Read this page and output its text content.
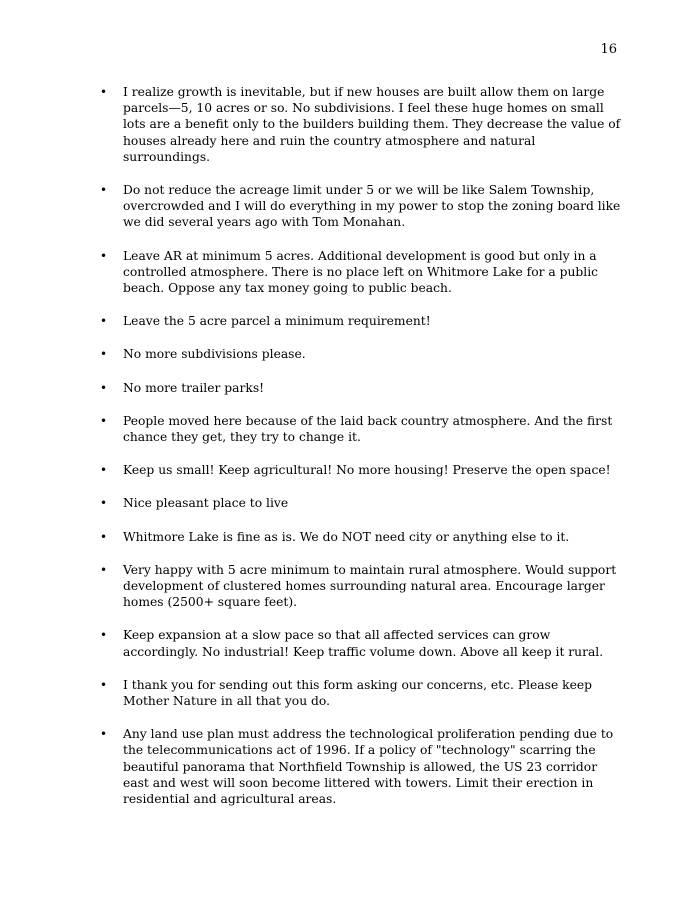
16
• I realize growth is inevitable, but if new houses are built allow them on large parcels—5, 10 acres or so. No subdivisions. I feel these huge homes on small lots are a benefit only to the builders building them. They decrease the value of houses already here and ruin the country atmosphere and natural surroundings.
• Do not reduce the acreage limit under 5 or we will be like Salem Township, overcrowded and I will do everything in my power to stop the zoning board like we did several years ago with Tom Monahan.
• Leave AR at minimum 5 acres. Additional development is good but only in a controlled atmosphere. There is no place left on Whitmore Lake for a public beach. Oppose any tax money going to public beach.
• Leave the 5 acre parcel a minimum requirement!
• No more subdivisions please.
• No more trailer parks!
• People moved here because of the laid back country atmosphere. And the first chance they get, they try to change it.
• Keep us small! Keep agricultural! No more housing! Preserve the open space!
• Nice pleasant place to live
• Whitmore Lake is fine as is. We do NOT need city or anything else to it.
• Very happy with 5 acre minimum to maintain rural atmosphere. Would support development of clustered homes surrounding natural area. Encourage larger homes (2500+ square feet).
• Keep expansion at a slow pace so that all affected services can grow accordingly. No industrial! Keep traffic volume down. Above all keep it rural.
• I thank you for sending out this form asking our concerns, etc. Please keep Mother Nature in all that you do.
• Any land use plan must address the technological proliferation pending due to the telecommunications act of 1996. If a policy of "technology" scarring the beautiful panorama that Northfield Township is allowed, the US 23 corridor east and west will soon become littered with towers. Limit their erection in residential and agricultural areas.
